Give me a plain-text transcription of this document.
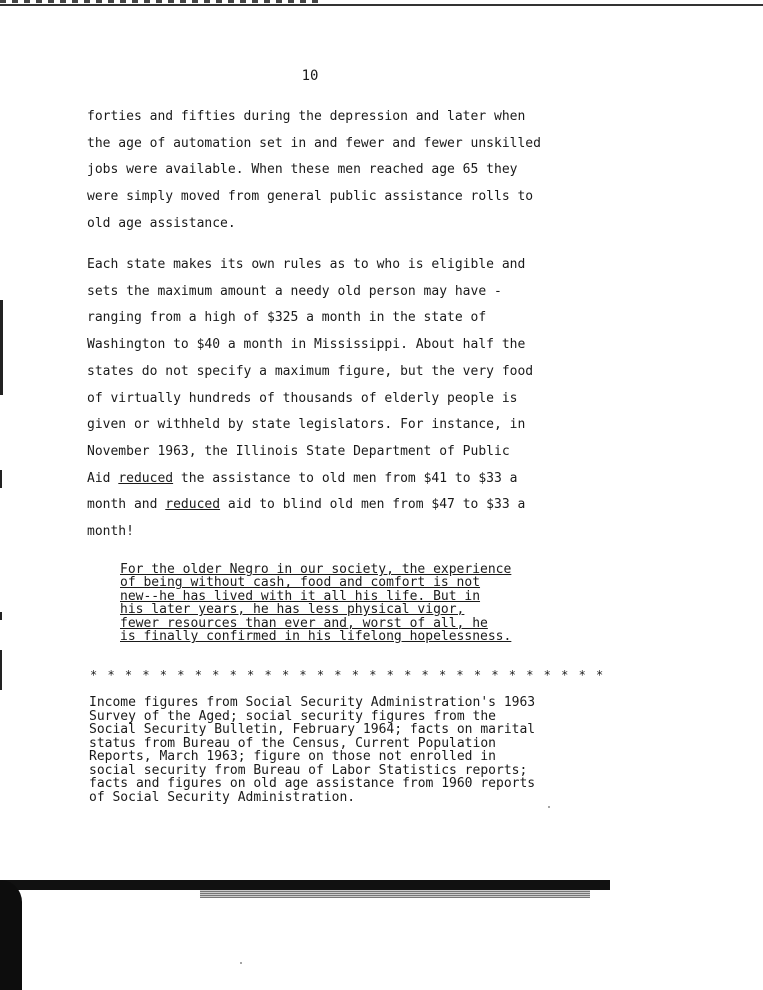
10
forties and fifties during the depression and later when
the age of automation set in and fewer and fewer unskilled
jobs were available. When these men reached age 65 they
were simply moved from general public assistance rolls to
old age assistance.
Each state makes its own rules as to who is eligible and
sets the maximum amount a needy old person may have -
ranging from a high of $325 a month in the state of
Washington to $40 a month in Mississippi. About half the
states do not specify a maximum figure, but the very food
of virtually hundreds of thousands of elderly people is
given or withheld by state legislators. For instance, in
November 1963, the Illinois State Department of Public
Aid reduced the assistance to old men from $41 to $33 a
month and reduced aid to blind old men from $47 to $33 a
month!
For the older Negro in our society, the experience
of being without cash, food and comfort is not
new--he has lived with it all his life. But in
his later years, he has less physical vigor,
fewer resources than ever and, worst of all, he
is finally confirmed in his lifelong hopelessness.
* * * * * * * * * * * * * * * * * * * * * * * * * * * * * *
Income figures from Social Security Administration's 1963
Survey of the Aged; social security figures from the
Social Security Bulletin, February 1964; facts on marital
status from Bureau of the Census, Current Population
Reports, March 1963; figure on those not enrolled in
social security from Bureau of Labor Statistics reports;
facts and figures on old age assistance from 1960 reports
of Social Security Administration.
